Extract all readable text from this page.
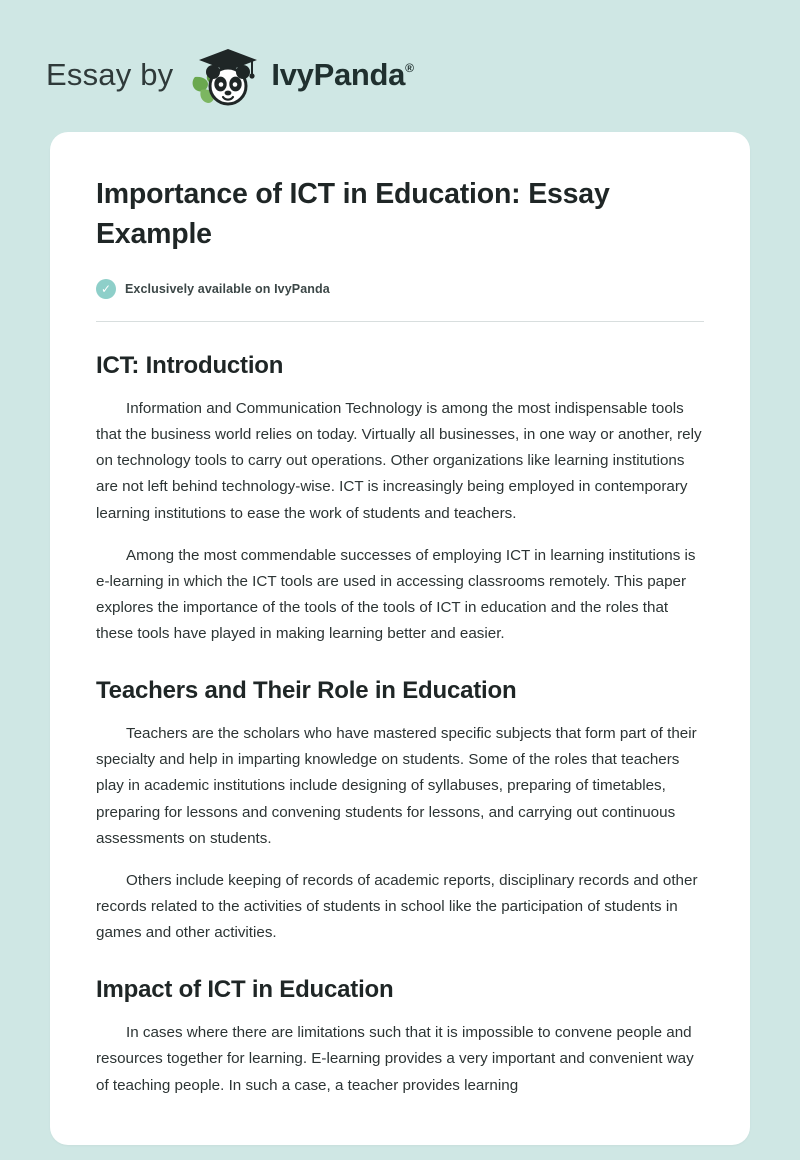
Essay by	IvyPanda®
Importance of ICT in Education: Essay Example
✓	Exclusively available on IvyPanda
ICT: Introduction

Information and Communication Technology is among the most indispensable tools that the business world relies on today. Virtually all businesses, in one way or another, rely on technology tools to carry out operations. Other organizations like learning institutions are not left behind technology-wise. ICT is increasingly being employed in contemporary learning institutions to ease the work of students and teachers.

Among the most commendable successes of employing ICT in learning institutions is e-learning in which the ICT tools are used in accessing classrooms remotely. This paper explores the importance of the tools of the tools of ICT in education and the roles that these tools have played in making learning better and easier.

Teachers and Their Role in Education

Teachers are the scholars who have mastered specific subjects that form part of their specialty and help in imparting knowledge on students. Some of the roles that teachers play in academic institutions include designing of syllabuses, preparing of timetables, preparing for lessons and convening students for lessons, and carrying out continuous assessments on students.

Others include keeping of records of academic reports, disciplinary records and other records related to the activities of students in school like the participation of students in games and other activities.

Impact of ICT in Education

In cases where there are limitations such that it is impossible to convene people and resources together for learning. E-learning provides a very important and convenient way of teaching people. In such a case, a teacher provides learning
